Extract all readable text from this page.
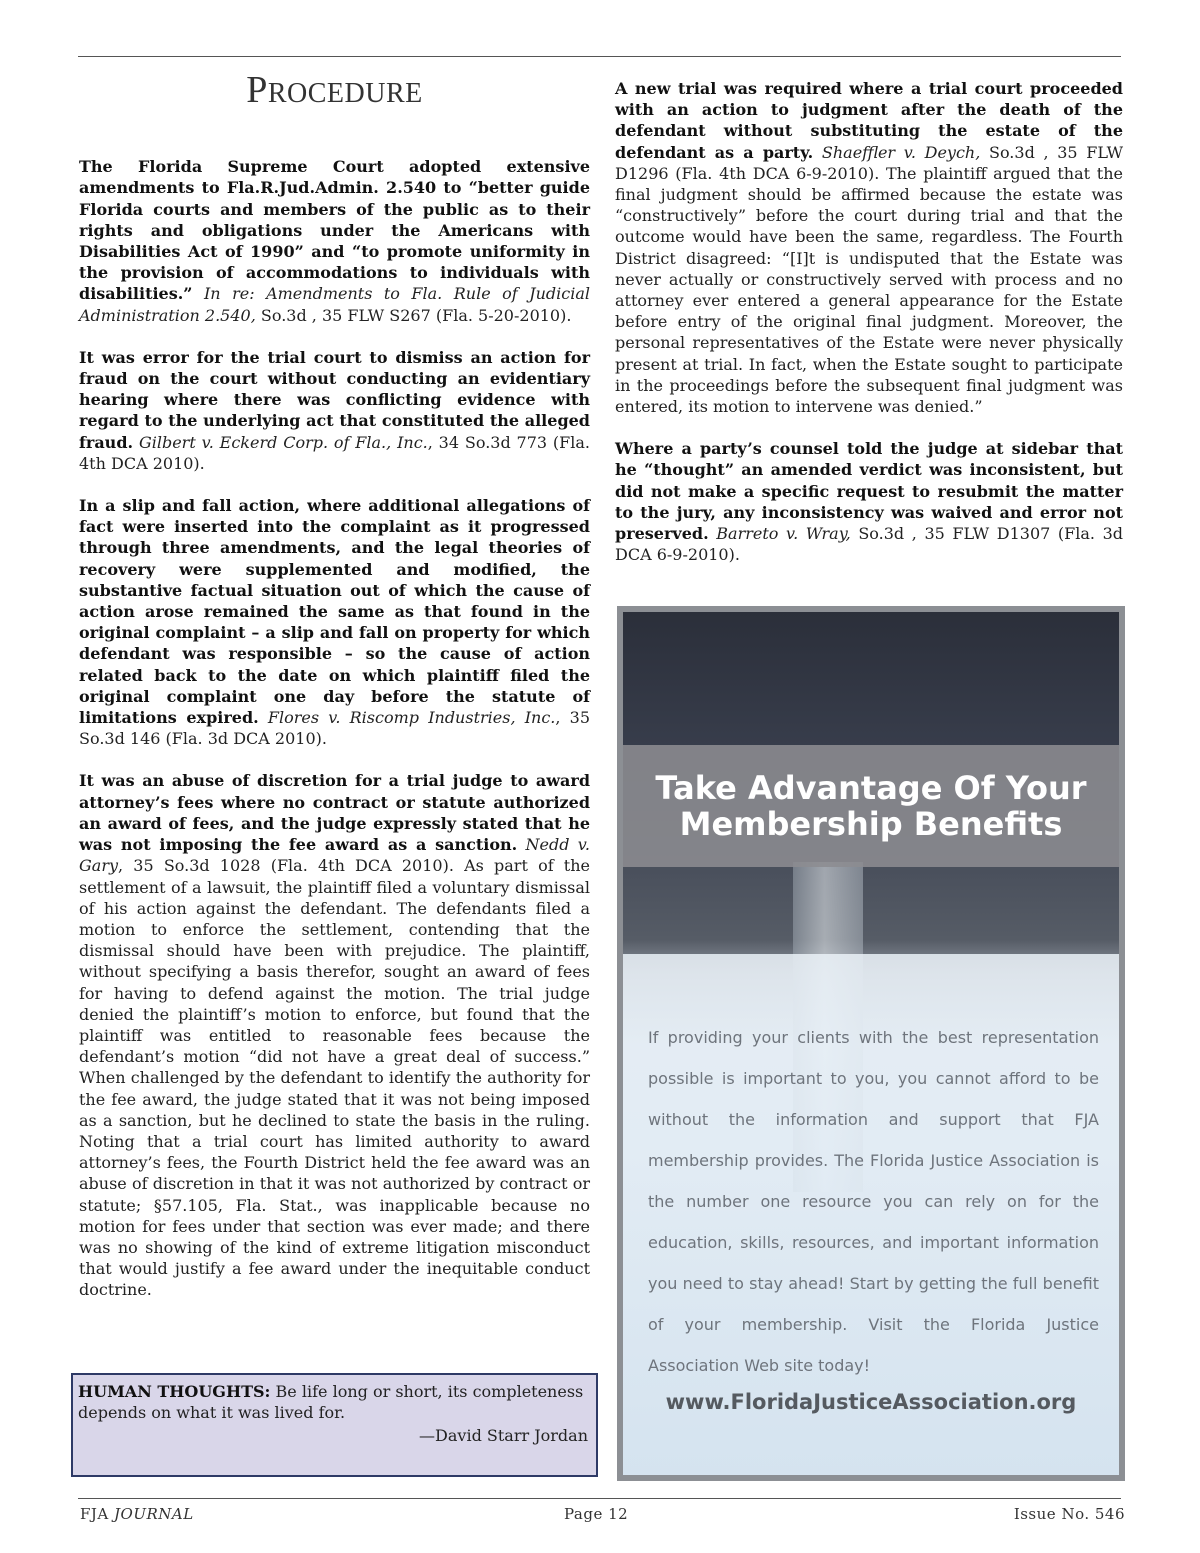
PROCEDURE

The Florida Supreme Court adopted extensive amendments to Fla.R.Jud.Admin. 2.540 to “better guide Florida courts and members of the public as to their rights and obligations under the Americans with Disabilities Act of 1990” and “to promote uniformity in the provision of accommodations to individuals with disabilities.” In re: Amendments to Fla. Rule of Judicial Administration 2.540, So.3d , 35 FLW S267 (Fla. 5-20-2010).

It was error for the trial court to dismiss an action for fraud on the court without conducting an evidentiary hearing where there was conflicting evidence with regard to the underlying act that constituted the alleged fraud. Gilbert v. Eckerd Corp. of Fla., Inc., 34 So.3d 773 (Fla. 4th DCA 2010).

In a slip and fall action, where additional allegations of fact were inserted into the complaint as it progressed through three amendments, and the legal theories of recovery were supplemented and modified, the substantive factual situation out of which the cause of action arose remained the same as that found in the original complaint – a slip and fall on property for which defendant was responsible – so the cause of action related back to the date on which plaintiff filed the original complaint one day before the statute of limitations expired. Flores v. Riscomp Industries, Inc., 35 So.3d 146 (Fla. 3d DCA 2010).

It was an abuse of discretion for a trial judge to award attorney’s fees where no contract or statute authorized an award of fees, and the judge expressly stated that he was not imposing the fee award as a sanction. Nedd v. Gary, 35 So.3d 1028 (Fla. 4th DCA 2010). As part of the settlement of a lawsuit, the plaintiff filed a voluntary dismissal of his action against the defendant. The defendants filed a motion to enforce the settlement, contending that the dismissal should have been with prejudice. The plaintiff, without specifying a basis therefor, sought an award of fees for having to defend against the motion. The trial judge denied the plaintiff’s motion to enforce, but found that the plaintiff was entitled to reasonable fees because the defendant’s motion “did not have a great deal of success.” When challenged by the defendant to identify the authority for the fee award, the judge stated that it was not being imposed as a sanction, but he declined to state the basis in the ruling. Noting that a trial court has limited authority to award attorney’s fees, the Fourth District held the fee award was an abuse of discretion in that it was not authorized by contract or statute; §57.105, Fla. Stat., was inapplicable because no motion for fees under that section was ever made; and there was no showing of the kind of extreme litigation misconduct that would justify a fee award under the inequitable conduct doctrine.

A new trial was required where a trial court proceeded with an action to judgment after the death of the defendant without substituting the estate of the defendant as a party. Shaeffler v. Deych, So.3d , 35 FLW D1296 (Fla. 4th DCA 6-9-2010). The plaintiff argued that the final judgment should be affirmed because the estate was “constructively” before the court during trial and that the outcome would have been the same, regardless. The Fourth District disagreed: “[I]t is undisputed that the Estate was never actually or constructively served with process and no attorney ever entered a general appearance for the Estate before entry of the original final judgment. Moreover, the personal representatives of the Estate were never physically present at trial. In fact, when the Estate sought to participate in the proceedings before the subsequent final judgment was entered, its motion to intervene was denied.”

Where a party’s counsel told the judge at sidebar that he “thought” an amended verdict was inconsistent, but did not make a specific request to resubmit the matter to the jury, any inconsistency was waived and error not preserved. Barreto v. Wray, So.3d , 35 FLW D1307 (Fla. 3d DCA 6-9-2010).

Take Advantage Of Your Membership Benefits

If providing your clients with the best representation possible is important to you, you cannot afford to be without the information and support that FJA membership provides. The Florida Justice Association is the number one resource you can rely on for the education, skills, resources, and important information you need to stay ahead! Start by getting the full benefit of your membership. Visit the Florida Justice Association Web site today!

www.FloridaJusticeAssociation.org

HUMAN THOUGHTS: Be life long or short, its completeness depends on what it was lived for.

—David Starr Jordan

FJA JOURNAL	Page 12	Issue No. 546
